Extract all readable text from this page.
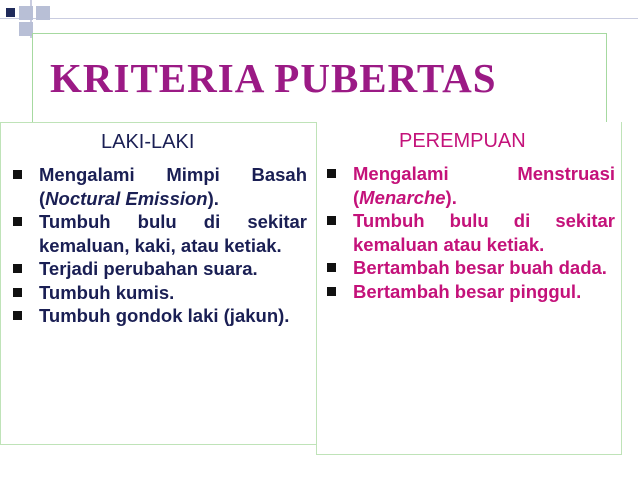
KRITERIA PUBERTAS
LAKI-LAKI
Mengalami Mimpi Basah (Noctural Emission).
Tumbuh bulu di sekitar kemaluan, kaki, atau ketiak.
Terjadi perubahan suara.
Tumbuh kumis.
Tumbuh gondok laki (jakun).
PEREMPUAN
Mengalami Menstruasi (Menarche).
Tumbuh bulu di sekitar kemaluan atau ketiak.
Bertambah besar buah dada.
Bertambah besar pinggul.
